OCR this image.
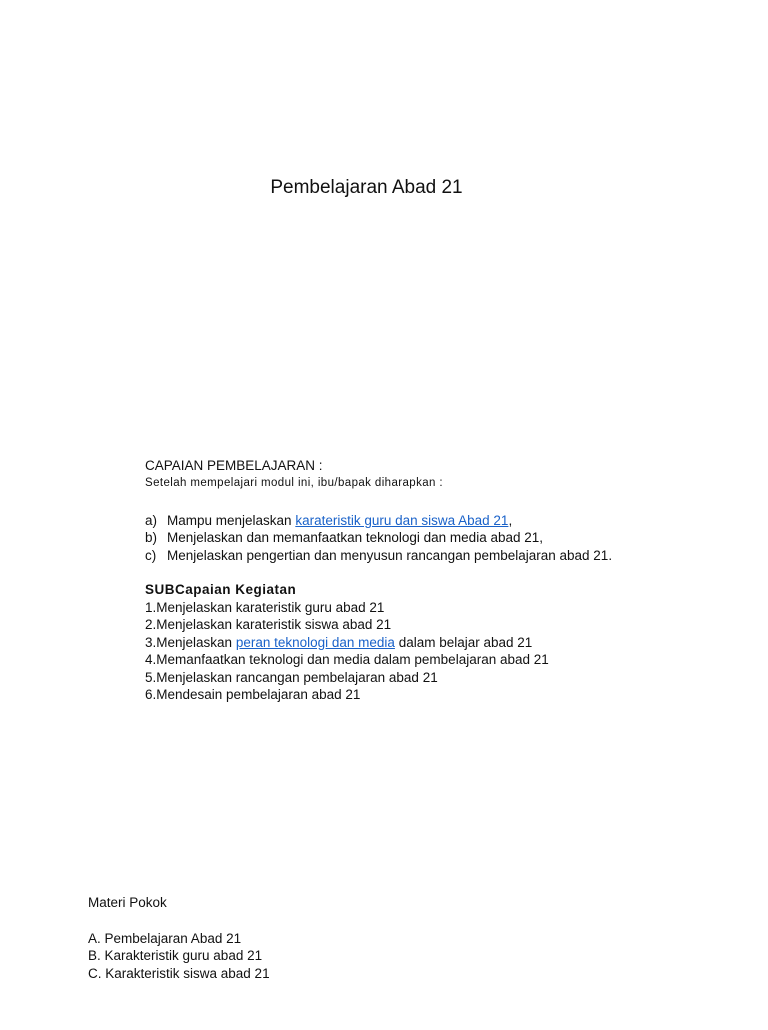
Pembelajaran Abad 21
CAPAIAN PEMBELAJARAN :
Setelah mempelajari modul ini, ibu/bapak diharapkan :
a) Mampu menjelaskan karateristik guru dan siswa Abad 21,
b) Menjelaskan dan memanfaatkan teknologi dan media abad 21,
c) Menjelaskan pengertian dan menyusun rancangan pembelajaran abad 21.
SUBCapaian Kegiatan
1.Menjelaskan karateristik guru abad 21
2.Menjelaskan karateristik siswa abad 21
3.Menjelaskan peran teknologi dan media dalam belajar abad 21
4.Memanfaatkan teknologi dan media dalam pembelajaran abad 21
5.Menjelaskan rancangan pembelajaran abad 21
6.Mendesain pembelajaran abad 21
Materi Pokok
A. Pembelajaran Abad 21
B. Karakteristik guru abad 21
C. Karakteristik siswa abad 21
